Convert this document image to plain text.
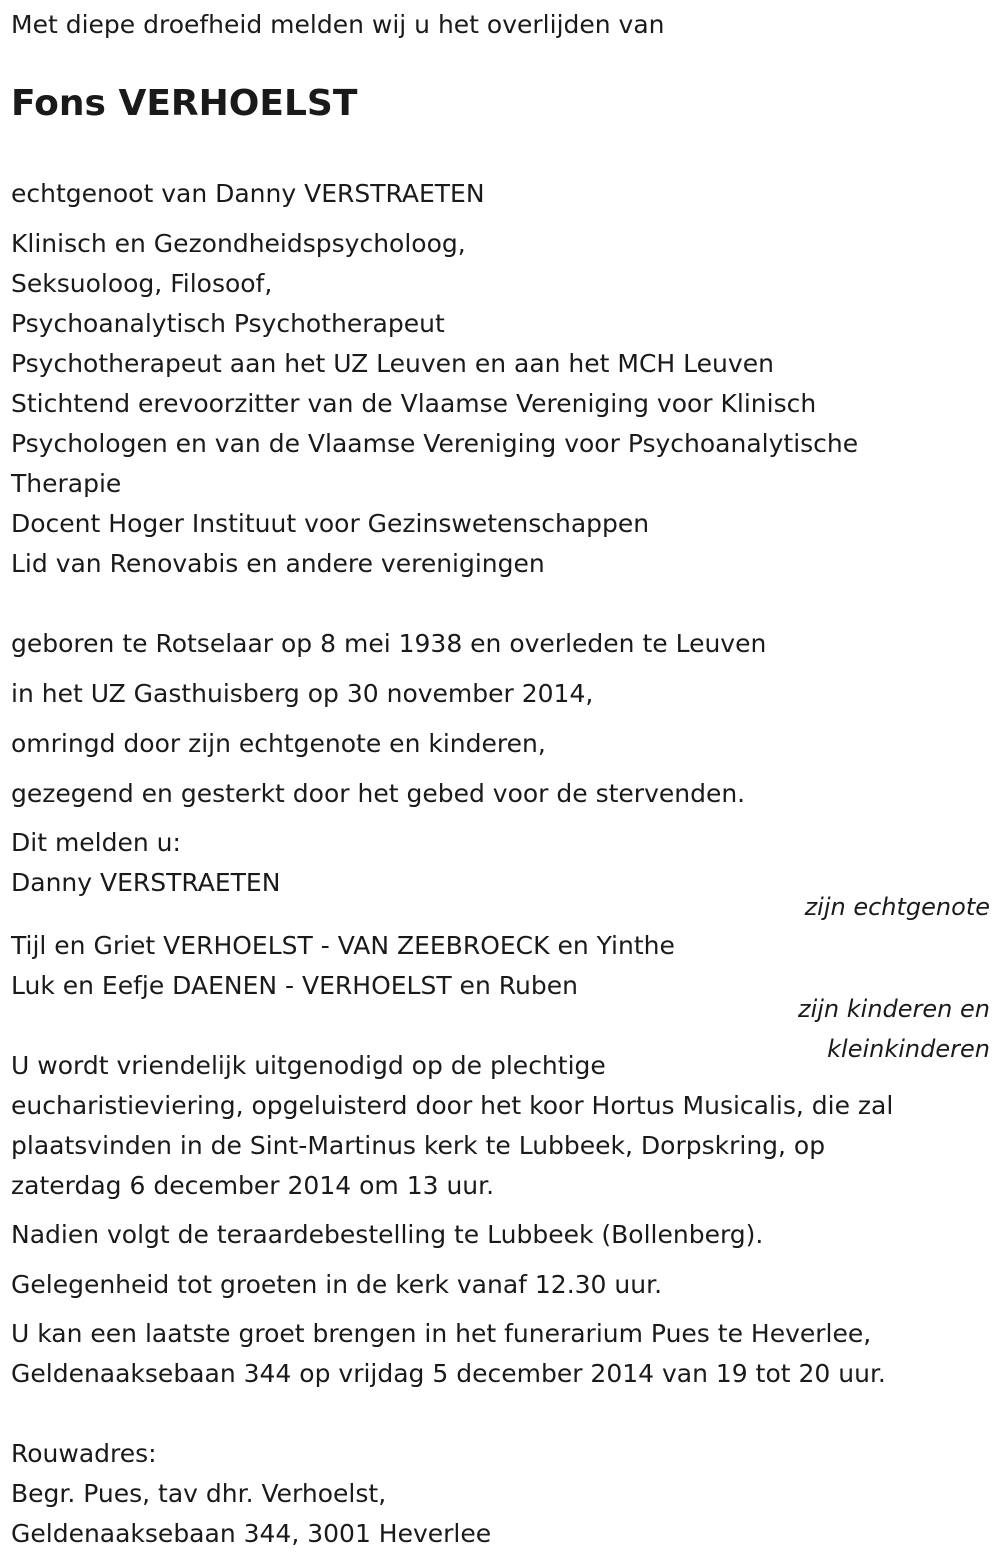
Met diepe droefheid melden wij u het overlijden van

Fons VERHOELST

echtgenoot van Danny VERSTRAETEN

Klinisch en Gezondheidspsycholoog,

Seksuoloog, Filosoof,

Psychoanalytisch Psychotherapeut

Psychotherapeut aan het UZ Leuven en aan het MCH Leuven

Stichtend erevoorzitter van de Vlaamse Vereniging voor Klinisch

Psychologen en van de Vlaamse Vereniging voor Psychoanalytische

Therapie

Docent Hoger Instituut voor Gezinswetenschappen

Lid van Renovabis en andere verenigingen

geboren te Rotselaar op 8 mei 1938 en overleden te Leuven

in het UZ Gasthuisberg op 30 november 2014,

omringd door zijn echtgenote en kinderen,

gezegend en gesterkt door het gebed voor de stervenden.

Dit melden u:

Danny VERSTRAETEN

zijn echtgenote

Tijl en Griet VERHOELST - VAN ZEEBROECK en Yinthe

Luk en Eefje DAENEN - VERHOELST en Ruben

zijn kinderen en
kleinkinderen

U wordt vriendelijk uitgenodigd op de plechtige

eucharistieviering, opgeluisterd door het koor Hortus Musicalis, die zal

plaatsvinden in de Sint-Martinus kerk te Lubbeek, Dorpskring, op

zaterdag 6 december 2014 om 13 uur.

Nadien volgt de teraardebestelling te Lubbeek (Bollenberg).

Gelegenheid tot groeten in de kerk vanaf 12.30 uur.

U kan een laatste groet brengen in het funerarium Pues te Heverlee,

Geldenaaksebaan 344 op vrijdag 5 december 2014 van 19 tot 20 uur.

Rouwadres:

Begr. Pues, tav dhr. Verhoelst,

Geldenaaksebaan 344, 3001 Heverlee
